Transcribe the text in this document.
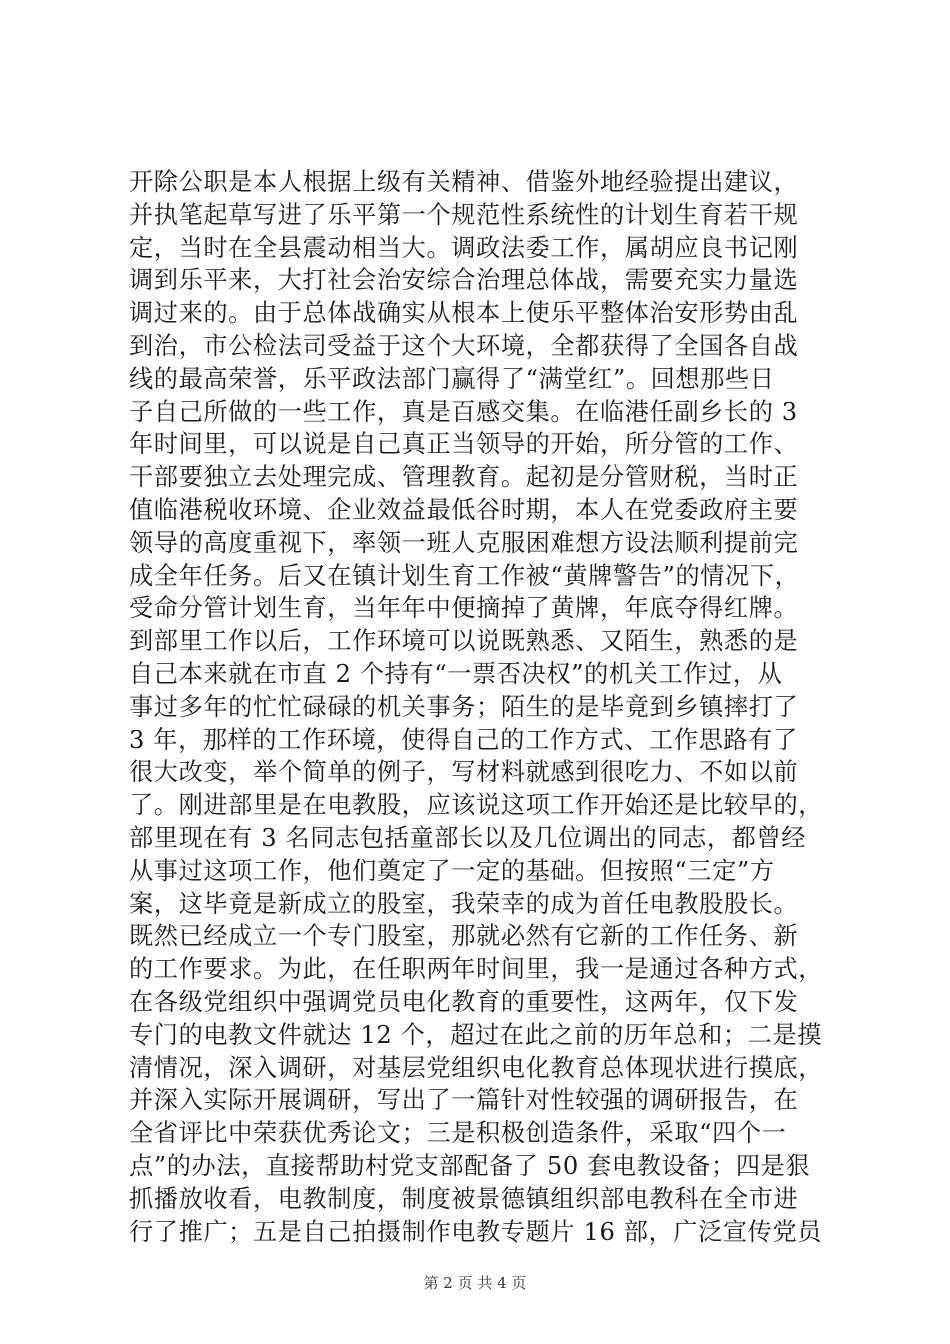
开除公职是本人根据上级有关精神、借鉴外地经验提出建议，
并执笔起草写进了乐平第一个规范性系统性的计划生育若干规
定，当时在全县震动相当大。调政法委工作，属胡应良书记刚
调到乐平来，大打社会治安综合治理总体战，需要充实力量选
调过来的。由于总体战确实从根本上使乐平整体治安形势由乱
到治，市公检法司受益于这个大环境，全都获得了全国各自战
线的最高荣誉，乐平政法部门赢得了“满堂红”。回想那些日
子自己所做的一些工作，真是百感交集。在临港任副乡长的 3
年时间里，可以说是自己真正当领导的开始，所分管的工作、
干部要独立去处理完成、管理教育。起初是分管财税，当时正
值临港税收环境、企业效益最低谷时期，本人在党委政府主要
领导的高度重视下，率领一班人克服困难想方设法顺利提前完
成全年任务。后又在镇计划生育工作被“黄牌警告”的情况下，
受命分管计划生育，当年年中便摘掉了黄牌，年底夺得红牌。
到部里工作以后，工作环境可以说既熟悉、又陌生，熟悉的是
自己本来就在市直 2 个持有“一票否决权”的机关工作过，从
事过多年的忙忙碌碌的机关事务；陌生的是毕竟到乡镇摔打了
3 年，那样的工作环境，使得自己的工作方式、工作思路有了
很大改变，举个简单的例子，写材料就感到很吃力、不如以前
了。刚进部里是在电教股，应该说这项工作开始还是比较早的，
部里现在有 3 名同志包括童部长以及几位调出的同志，都曾经
从事过这项工作，他们奠定了一定的基础。但按照“三定”方
案，这毕竟是新成立的股室，我荣幸的成为首任电教股股长。
既然已经成立一个专门股室，那就必然有它新的工作任务、新
的工作要求。为此，在任职两年时间里，我一是通过各种方式，
在各级党组织中强调党员电化教育的重要性，这两年，仅下发
专门的电教文件就达 12 个，超过在此之前的历年总和；二是摸
清情况，深入调研，对基层党组织电化教育总体现状进行摸底，
并深入实际开展调研，写出了一篇针对性较强的调研报告，在
全省评比中荣获优秀论文；三是积极创造条件，采取“四个一
点”的办法，直接帮助村党支部配备了 50 套电教设备；四是狠
抓播放收看，电教制度，制度被景德镇组织部电教科在全市进
行了推广；五是自己拍摄制作电教专题片 16 部，广泛宣传党员
第 2 页 共 4 页
